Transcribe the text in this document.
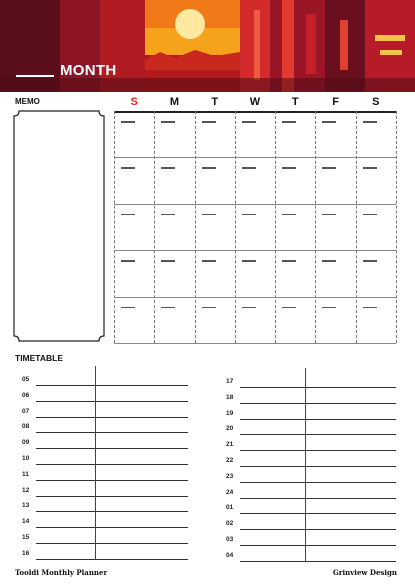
MONTH
MEMO	S	M	T	W	T	F	S
TIMETABLE
05
06
07
08
09
10
11
12
13
14
15
16
17
18
19
20
21
22
23
24
01
02
03
04
Tooldi Monthly Planner	Grinview Design
